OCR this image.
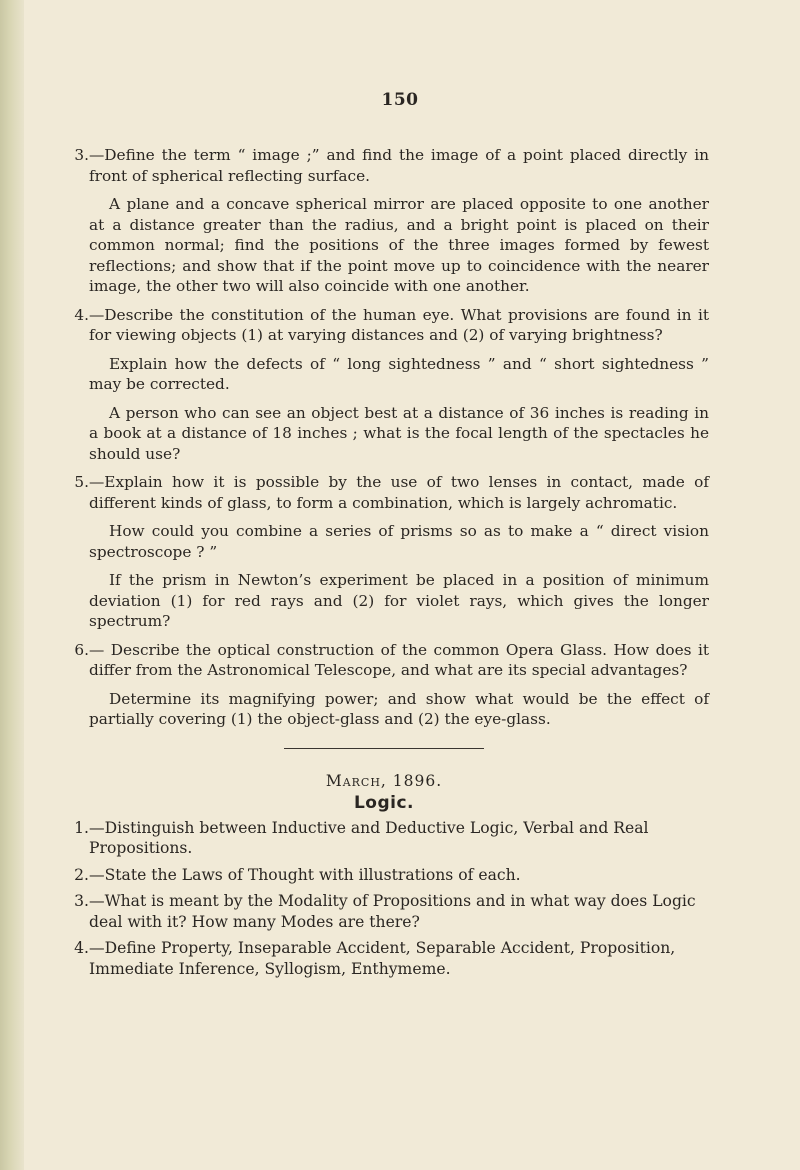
150
3. —Define the term “ image ;” and find the image of a point placed directly in front of spherical reflecting surface.

A plane and a concave spherical mirror are placed opposite to one another at a distance greater than the radius, and a bright point is placed on their common normal; find the positions of the three images formed by fewest reflections; and show that if the point move up to coincidence with the nearer image, the other two will also coincide with one another.

4. —Describe the constitution of the human eye. What provisions are found in it for viewing objects (1) at varying distances and (2) of varying brightness?

Explain how the defects of “ long sightedness ” and “ short sightedness ” may be corrected.

A person who can see an object best at a distance of 36 inches is reading in a book at a distance of 18 inches ; what is the focal length of the spectacles he should use?

5. —Explain how it is possible by the use of two lenses in contact, made of different kinds of glass, to form a combination, which is largely achromatic.

How could you combine a series of prisms so as to make a “ direct vision spectroscope ? ”

If the prism in Newton’s experiment be placed in a position of minimum deviation (1) for red rays and (2) for violet rays, which gives the longer spectrum?

6. — Describe the optical construction of the common Opera Glass. How does it differ from the Astronomical Telescope, and what are its special advantages?

Determine its magnifying power; and show what would be the effect of partially covering (1) the object-glass and (2) the eye-glass.

March, 1896.

Logic.

1. —Distinguish between Inductive and Deductive Logic, Verbal and Real Propositions.

2. —State the Laws of Thought with illustrations of each.

3. —What is meant by the Modality of Propositions and in what way does Logic deal with it? How many Modes are there?

4. —Define Property, Inseparable Accident, Separable Accident, Proposition, Immediate Inference, Syllogism, Enthymeme.
